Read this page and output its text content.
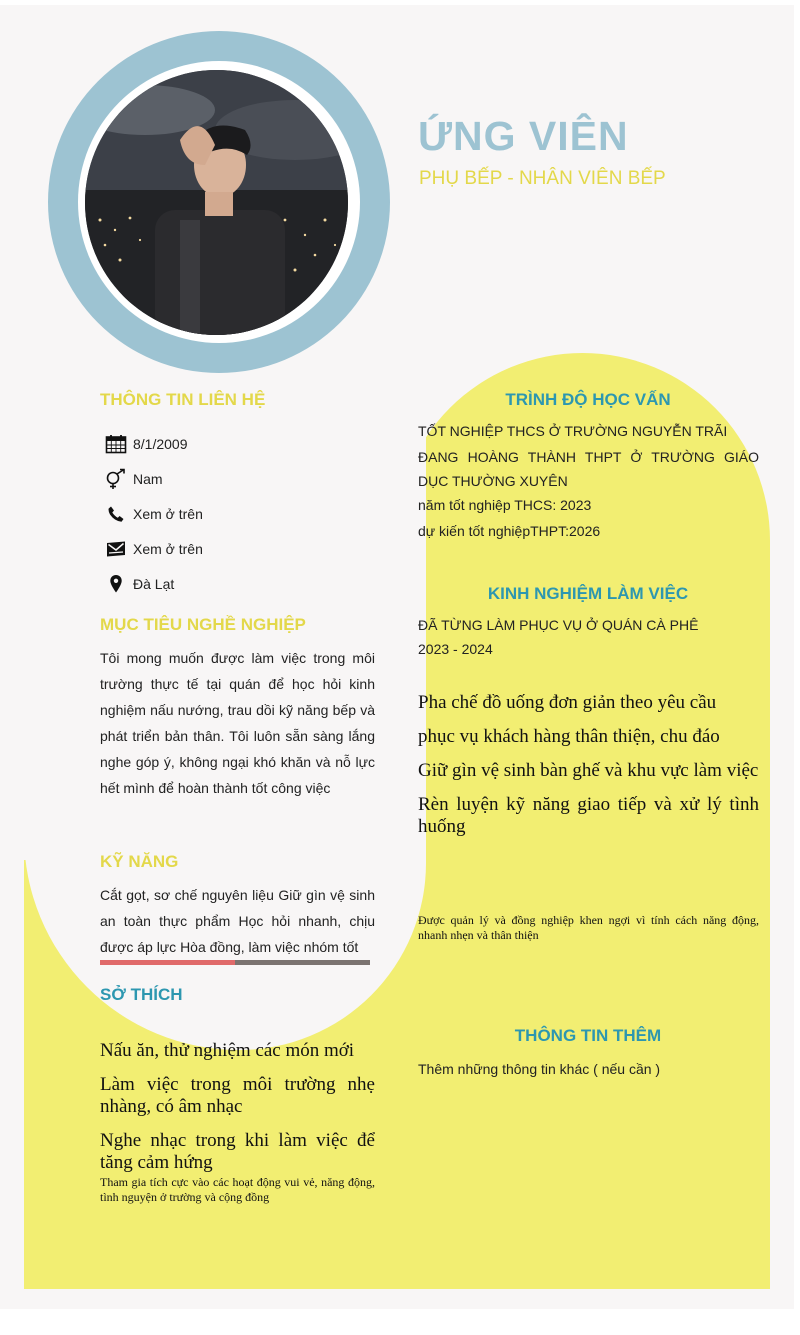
ỨNG VIÊN

PHỤ BẾP - NHÂN VIÊN BẾP

THÔNG TIN LIÊN HỆ
8/1/2009
Nam
Xem ở trên
Xem ở trên
Đà Lạt
MỤC TIÊU NGHỀ NGHIỆP

Tôi mong muốn được làm việc trong môi trường thực tế tại quán để học hỏi kinh nghiệm nấu nướng, trau dồi kỹ năng bếp và phát triển bản thân. Tôi luôn sẵn sàng lắng nghe góp ý, không ngại khó khăn và nỗ lực hết mình để hoàn thành tốt công việc

KỸ NĂNG

Cắt gọt, sơ chế nguyên liệu Giữ gìn vệ sinh an toàn thực phẩm Học hỏi nhanh, chịu được áp lực Hòa đồng, làm việc nhóm tốt

SỞ THÍCH

Nấu ăn, thử nghiệm các món mới

Làm việc trong môi trường nhẹ nhàng, có âm nhạc

Nghe nhạc trong khi làm việc để tăng cảm hứng

Tham gia tích cực vào các hoạt động vui vẻ, năng động, tình nguyện ở trường và cộng đồng

TRÌNH ĐỘ HỌC VẤN

TỐT NGHIỆP THCS Ở TRƯỜNG NGUYỄN TRÃI

ĐANG HOÀNG THÀNH THPT Ở TRƯỜNG GIÁO DỤC THƯỜNG XUYÊN

năm tốt nghiệp THCS: 2023

dự kiến tốt nghiệpTHPT:2026

KINH NGHIỆM LÀM VIỆC

ĐÃ TỪNG LÀM PHỤC VỤ Ở QUÁN CÀ PHÊ

2023 - 2024

Pha chế đồ uống đơn giản theo yêu cầu

phục vụ khách hàng thân thiện, chu đáo

Giữ gìn vệ sinh bàn ghế và khu vực làm việc

Rèn luyện kỹ năng giao tiếp và xử lý tình huống

Được quản lý và đồng nghiệp khen ngợi vì tính cách năng động, nhanh nhẹn và thân thiện

THÔNG TIN THÊM

Thêm những thông tin khác ( nếu cần )
